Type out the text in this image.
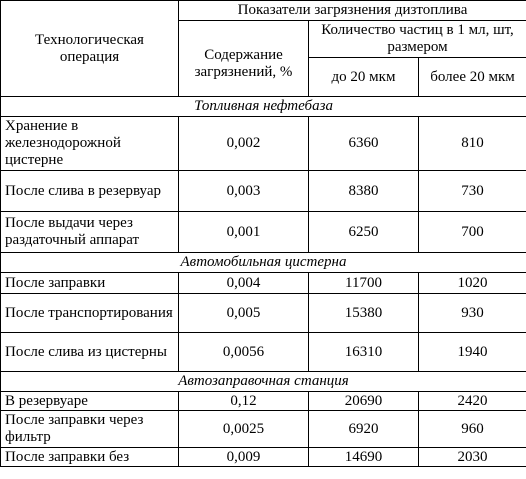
Технологическая операция	Показатели загрязнения дизтоплива		
	Содержание загрязнений, %	Количество частиц в 1 мл, шт, размером	
		до 20 мкм	более 20 мкм
Топливная нефтебаза			
Хранение в железнодорожной цистерне	0,002	6360	810
После слива в резервуар	0,003	8380	730
После выдачи через раздаточный аппарат	0,001	6250	700
Автомобильная цистерна			
После заправки	0,004	11700	1020
После транспортирования	0,005	15380	930
После слива из цистерны	0,0056	16310	1940
Автозаправочная станция			
В резервуаре	0,12	20690	2420
После заправки через фильтр	0,0025	6920	960
После заправки без	0,009	14690	2030
